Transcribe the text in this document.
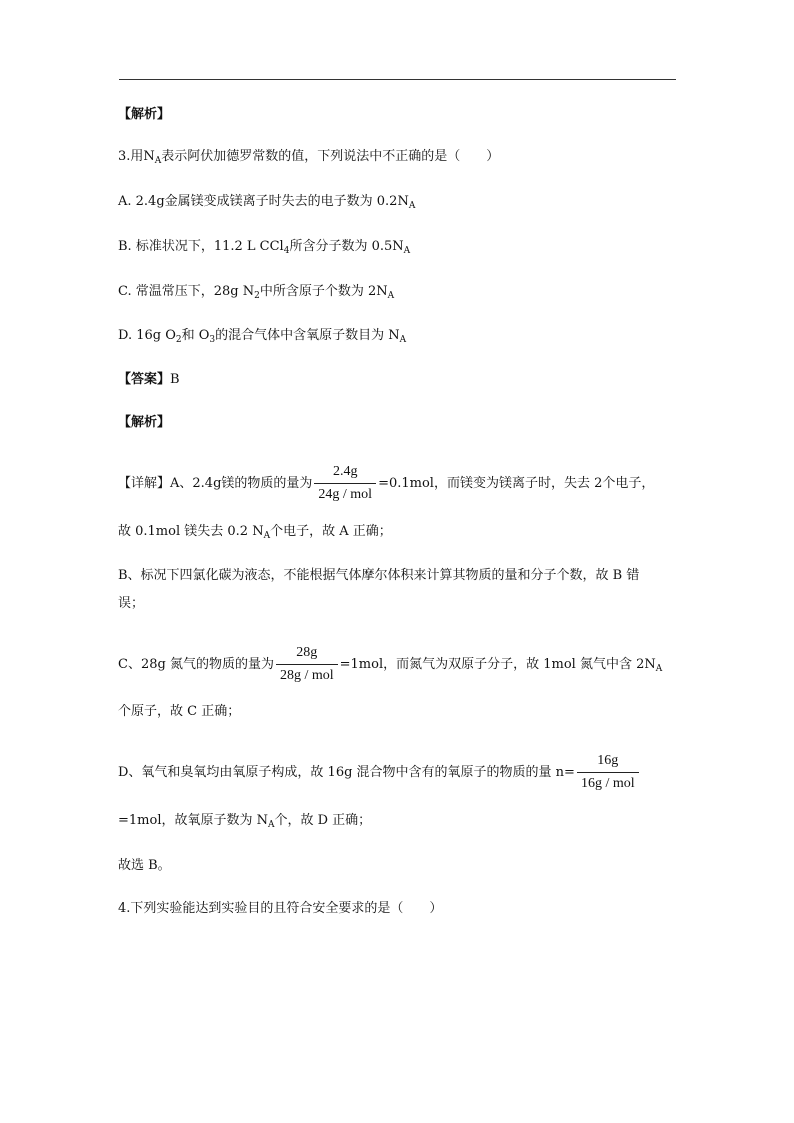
【解析】
3.用$N_A$表示阿伏加德罗常数的值，下列说法中不正确的是（　　）
A. 2.4g金属镁变成镁离子时失去的电子数为 $0.2N_A$
B. 标准状况下，11.2 L CCl$_4$所含分子数为 $0.5N_A$
C. 常温常压下，28g $N_2$中所含原子个数为 $2N_A$
D. 16g $O_2$和 $O_3$的混合气体中含氧原子数目为 $N_A$
【答案】B
【解析】
【详解】A、2.4g镁的物质的量为 $\frac{2.4g}{\text{24g / mol}} =0.1mol$，而镁变为镁离子时，失去 2个电子，
故 0.1mol 镁失去 0.2 $N_A$个电子，故 A 正确；
B、标况下四氯化碳为液态，不能根据气体摩尔体积来计算其物质的量和分子个数，故 B 错
误；
C、28g 氮气的物质的量为 $\frac{28g}{\text{28g / mol}} =1mol$，而氮气为双原子分子，故 1mol 氮气中含 $2N_A$
个原子，故 C 正确；
D、氧气和臭氧均由氧原子构成，故 16g 混合物中含有的氧原子的物质的量 $n= \frac{16g}{\text{16g / mol}}$
=1mol，故氧原子数为 $N_A$个，故 D 正确；
故选 B。
4.下列实验能达到实验目的且符合安全要求的是（　　）
